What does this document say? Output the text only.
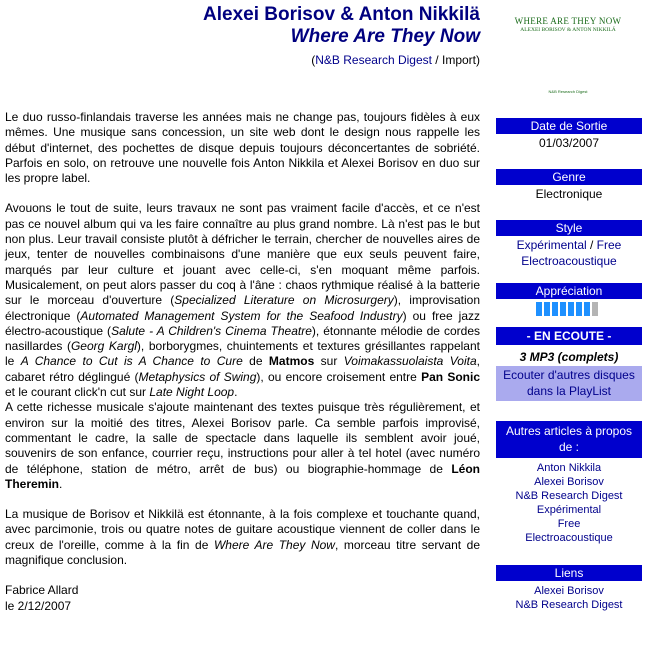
Alexei Borisov & Anton Nikkilä
Where Are They Now
(N&B Research Digest / Import)
WHERE ARE THEY NOW
ALEXEI BORISOV & ANTON NIKKILÄ
N&B Research Digest

Le duo russo-finlandais traverse les années mais ne change pas, toujours fidèles à eux mêmes. Une musique sans concession, un site web dont le design nous rappelle les début d'internet, des pochettes de disque depuis toujours déconcertantes de sobriété. Parfois en solo, on retrouve une nouvelle fois Anton Nikkila et Alexei Borisov en duo sur les propre label.

Avouons le tout de suite, leurs travaux ne sont pas vraiment facile d'accès, et ce n'est pas ce nouvel album qui va les faire connaître au plus grand nombre. Là n'est pas le but non plus. Leur travail consiste plutôt à défricher le terrain, chercher de nouvelles aires de jeux, tenter de nouvelles combinaisons d'une manière que eux seuls peuvent faire, marqués par leur culture et jouant avec celle-ci, s'en moquant même parfois. Musicalement, on peut alors passer du coq à l'âne : chaos rythmique réalisé à la batterie sur le morceau d'ouverture (Specialized Literature on Microsurgery), improvisation électronique (Automated Management System for the Seafood Industry) ou free jazz électro-acoustique (Salute - A Children's Cinema Theatre), étonnante mélodie de cordes nasillardes (Georg Kargl), borborygmes, chuintements et textures grésillantes rappelant le A Chance to Cut is A Chance to Cure de Matmos sur Voimakassuolaista Voita, cabaret rétro déglingué (Metaphysics of Swing), ou encore croisement entre Pan Sonic et le courant click'n cut sur Late Night Loop.

A cette richesse musicale s'ajoute maintenant des textes puisque très régulièrement, et environ sur la moitié des titres, Alexei Borisov parle. Ca semble parfois improvisé, commentant le cadre, la salle de spectacle dans laquelle ils semblent avoir joué, souvenirs de son enfance, courrier reçu, instructions pour aller à tel hotel (avec numéro de téléphone, station de métro, arrêt de bus) ou biographie-hommage de Léon Theremin.

La musique de Borisov et Nikkilä est étonnante, à la fois complexe et touchante quand, avec parcimonie, trois ou quatre notes de guitare acoustique viennent de coller dans le creux de l'oreille, comme à la fin de Where Are They Now, morceau titre servant de magnifique conclusion.

Fabrice Allard
le 2/12/2007
Date de Sortie
01/03/2007
Genre
Electronique
Style
Expérimental / Free
Electroacoustique
Appréciation
- EN ECOUTE -
3 MP3 (complets)
Ecouter d'autres disques dans la PlayList
Autres articles à propos de :
Anton Nikkila
Alexei Borisov
N&B Research Digest
Expérimental
Free
Electroacoustique
Liens
Alexei Borisov
N&B Research Digest
